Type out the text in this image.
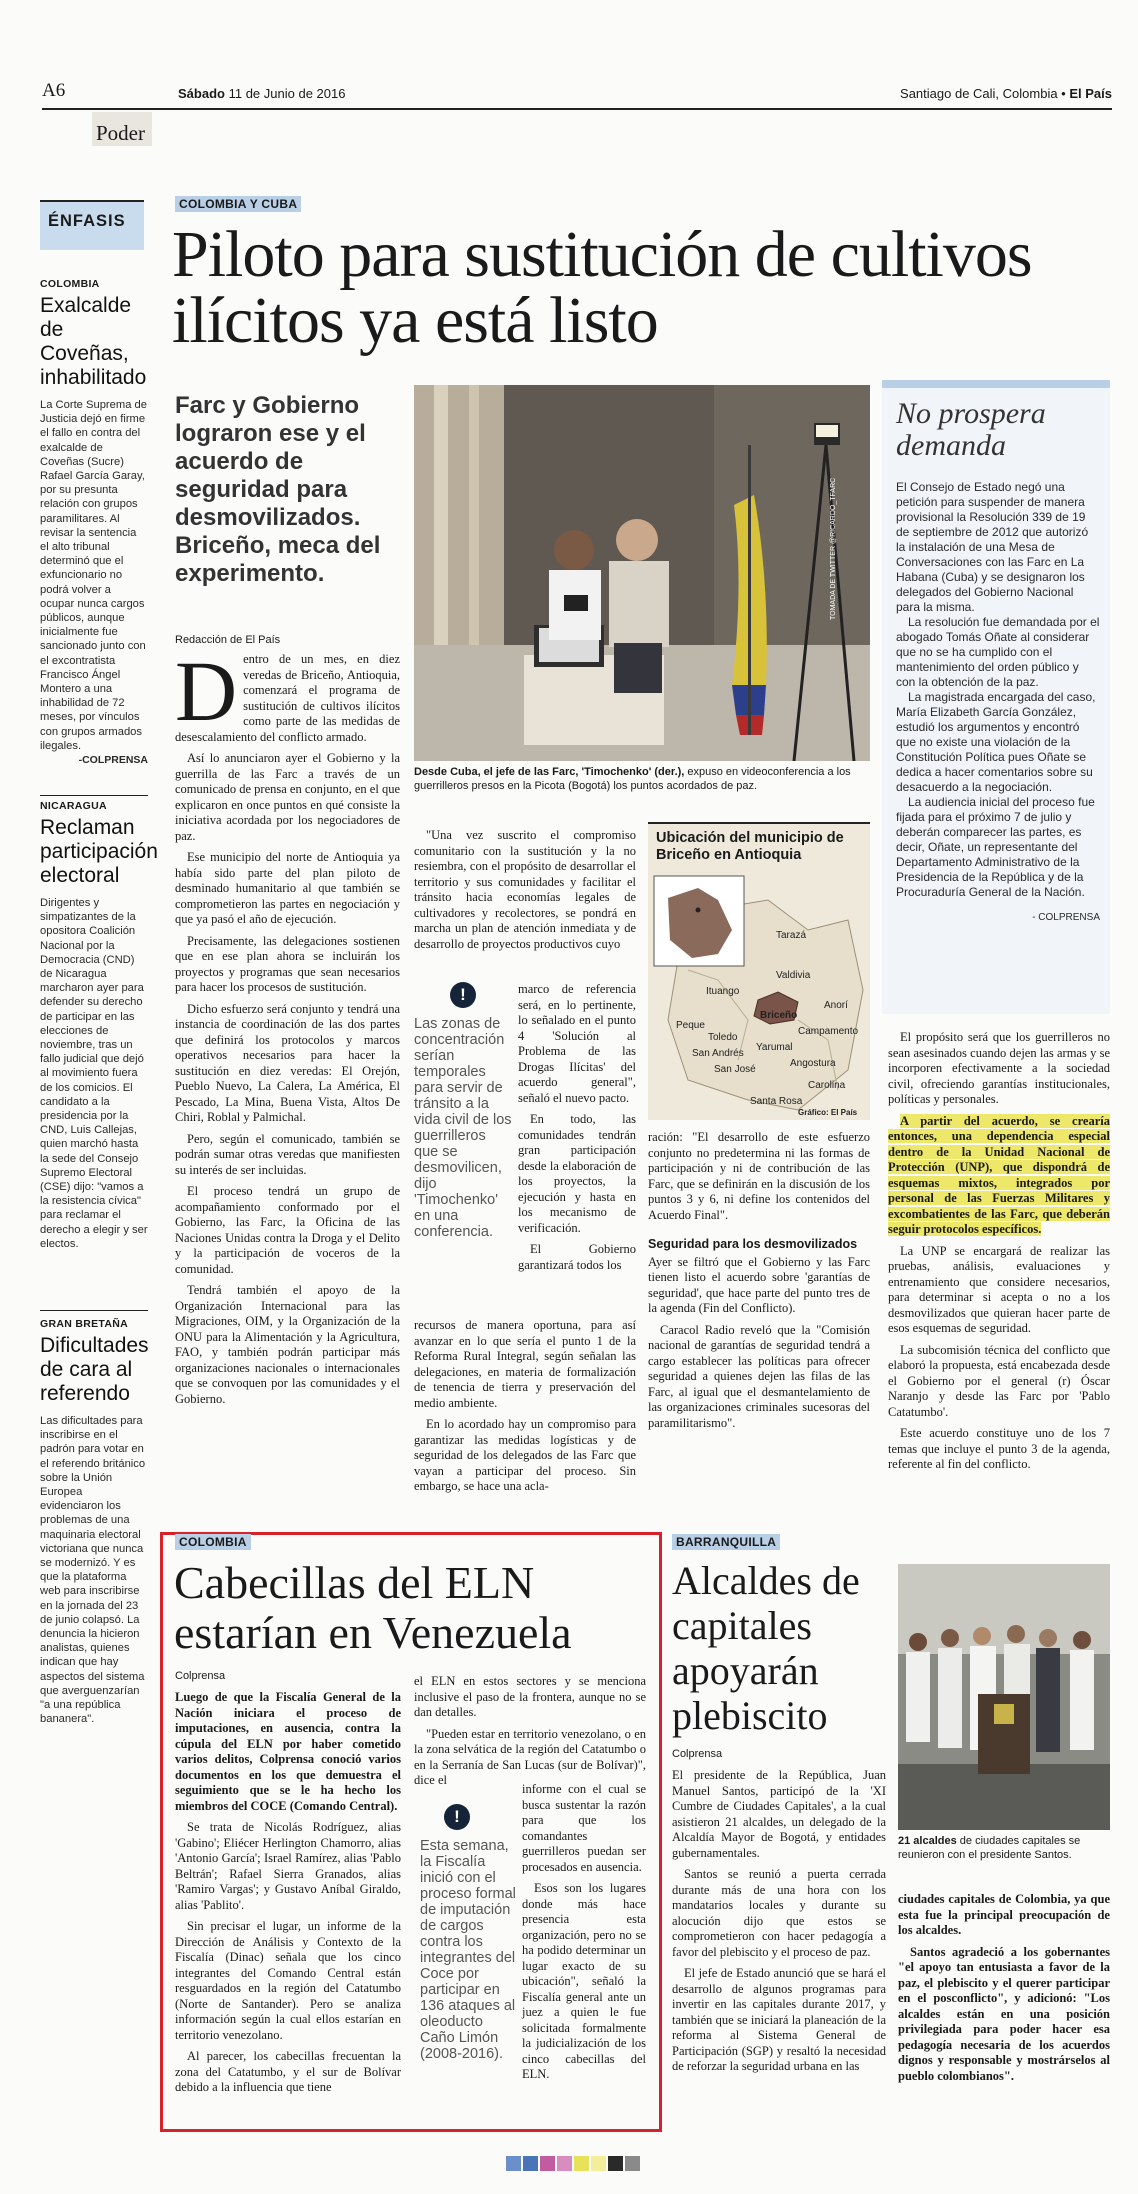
A6	Sábado 11 de Junio de 2016	Santiago de Cali, Colombia • El País
Poder
ÉNFASIS
COLOMBIA
Exalcalde de Coveñas, inhabilitado
La Corte Suprema de Justicia dejó en firme el fallo en contra del exalcalde de Coveñas (Sucre) Rafael García Garay, por su presunta relación con grupos paramilitares. Al revisar la sentencia el alto tribunal determinó que el exfuncionario no podrá volver a ocupar nunca cargos públicos, aunque inicialmente fue sancionado junto con el excontratista Francisco Ángel Montero a una inhabilidad de 72 meses, por vínculos con grupos armados ilegales.
-COLPRENSA
NICARAGUA
Reclaman participación electoral
Dirigentes y simpatizantes de la opositora Coalición Nacional por la Democracia (CND) de Nicaragua marcharon ayer para defender su derecho de participar en las elecciones de noviembre, tras un fallo judicial que dejó al movimiento fuera de los comicios. El candidato a la presidencia por la CND, Luis Callejas, quien marchó hasta la sede del Consejo Supremo Electoral (CSE) dijo: "vamos a la resistencia cívica" para reclamar el derecho a elegir y ser electos.
GRAN BRETAÑA
Dificultades de cara al referendo
Las dificultades para inscribirse en el padrón para votar en el referendo británico sobre la Unión Europea evidenciaron los problemas de una maquinaria electoral victoriana que nunca se modernizó. Y es que la plataforma web para inscribirse en la jornada del 23 de junio colapsó. La denuncia la hicieron analistas, quienes indican que hay aspectos del sistema que averguenzarían "a una república bananera".
COLOMBIA Y CUBA
Piloto para sustitución de cultivos ilícitos ya está listo
Farc y Gobierno lograron ese y el acuerdo de seguridad para desmovilizados. Briceño, meca del experimento.
Redacción de El País
TOMADA DE TWITTER @RICARDO_TFARC
Desde Cuba, el jefe de las Farc, 'Timochenko' (der.), expuso en videoconferencia a los guerrilleros presos en la Picota (Bogotá) los puntos acordados de paz.
D entro de un mes, en diez veredas de Briceño, Antioquia, comenzará el programa de sustitución de cultivos ilícitos como parte de las medidas de desescalamiento del conflicto armado.

Así lo anunciaron ayer el Gobierno y la guerrilla de las Farc a través de un comunicado de prensa en conjunto, en el que explicaron en once puntos en qué consiste la iniciativa acordada por los negociadores de paz.

Ese municipio del norte de Antioquia ya había sido parte del plan piloto de desminado humanitario al que también se comprometieron las partes en negociación y que ya pasó el año de ejecución.

Precisamente, las delegaciones sostienen que en ese plan ahora se incluirán los proyectos y programas que sean necesarios para hacer los procesos de sustitución.

Dicho esfuerzo será conjunto y tendrá una instancia de coordinación de las dos partes que definirá los protocolos y marcos operativos necesarios para hacer la sustitución en diez veredas: El Orejón, Pueblo Nuevo, La Calera, La América, El Pescado, La Mina, Buena Vista, Altos De Chiri, Roblal y Palmichal.

Pero, según el comunicado, también se podrán sumar otras veredas que manifiesten su interés de ser incluidas.

El proceso tendrá un grupo de acompañamiento conformado por el Gobierno, las Farc, la Oficina de las Naciones Unidas contra la Droga y el Delito y la participación de voceros de la comunidad.

Tendrá también el apoyo de la Organización Internacional para las Migraciones, OIM, y la Organización de la ONU para la Alimentación y la Agricultura, FAO, y también podrán participar más organizaciones nacionales o internacionales que se convoquen por las comunidades y el Gobierno.

"Una vez suscrito el compromiso comunitario con la sustitución y la no resiembra, con el propósito de desarrollar el territorio y sus comunidades y facilitar el tránsito hacia economías legales de cultivadores y recolectores, se pondrá en marcha un plan de atención inmediata y de desarrollo de proyectos productivos cuyo
!
Las zonas de concentración serían temporales para servir de tránsito a la vida civil de los guerrilleros que se desmovilicen, dijo 'Timochenko' en una conferencia.

marco de referencia será, en lo pertinente, lo señalado en el punto 4 'Solución al Problema de las Drogas Ilícitas' del acuerdo general", señaló el nuevo pacto.

En todo, las comunidades tendrán gran participación desde la elaboración de los proyectos, la ejecución y hasta en los mecanismo de verificación.

El Gobierno garantizará todos los

recursos de manera oportuna, para así avanzar en lo que sería el punto 1 de la Reforma Rural Integral, según señalan las delegaciones, en materia de formalización de tenencia de tierra y preservación del medio ambiente.

En lo acordado hay un compromiso para garantizar las medidas logísticas y de seguridad de los delegados de las Farc que vayan a participar del proceso. Sin embargo, se hace una acla-

Ubicación del municipio de Briceño en Antioquia
Tarazá
Valdivia
Ituango
Anorí
Briceño
Peque
Toledo
Campamento
Yarumal
San Andrés
Angostura
San José
Carolina
Santa Rosa
Gráfico: El País

ración: "El desarrollo de este esfuerzo conjunto no predetermina ni las formas de participación y ni de contribución de las Farc, que se definirán en la discusión de los puntos 3 y 6, ni define los contenidos del Acuerdo Final".

Seguridad para los desmovilizados

Ayer se filtró que el Gobierno y las Farc tienen listo el acuerdo sobre 'garantías de seguridad', que hace parte del punto tres de la agenda (Fin del Conflicto).

Caracol Radio reveló que la "Comisión nacional de garantías de seguridad tendrá a cargo establecer las políticas para ofrecer seguridad a quienes dejen las filas de las Farc, al igual que el desmantelamiento de las organizaciones criminales sucesoras del paramilitarismo".

No prospera demanda

El Consejo de Estado negó una petición para suspender de manera provisional la Resolución 339 de 19 de septiembre de 2012 que autorizó la instalación de una Mesa de Conversaciones con las Farc en La Habana (Cuba) y se designaron los delegados del Gobierno Nacional para la misma.

La resolución fue demandada por el abogado Tomás Oñate al considerar que no se ha cumplido con el mantenimiento del orden público y con la obtención de la paz.

La magistrada encargada del caso, María Elizabeth García González, estudió los argumentos y encontró que no existe una violación de la Constitución Política pues Oñate se dedica a hacer comentarios sobre su desacuerdo a la negociación.

La audiencia inicial del proceso fue fijada para el próximo 7 de julio y deberán comparecer las partes, es decir, Oñate, un representante del Departamento Administrativo de la Presidencia de la República y de la Procuraduría General de la Nación.

- COLPRENSA

El propósito será que los guerrilleros no sean asesinados cuando dejen las armas y se incorporen efectivamente a la sociedad civil, ofreciendo garantías institucionales, políticas y personales.

A partir del acuerdo, se crearía entonces, una dependencia especial dentro de la Unidad Nacional de Protección (UNP), que dispondrá de esquemas mixtos, integrados por personal de las Fuerzas Militares y excombatientes de las Farc, que deberán seguir protocolos específicos.

La UNP se encargará de realizar las pruebas, análisis, evaluaciones y entrenamiento que considere necesarios, para determinar si acepta o no a los desmovilizados que quieran hacer parte de esos esquemas de seguridad.

La subcomisión técnica del conflicto que elaboró la propuesta, está encabezada desde el Gobierno por el general (r) Óscar Naranjo y desde las Farc por 'Pablo Catatumbo'.

Este acuerdo constituye uno de los 7 temas que incluye el punto 3 de la agenda, referente al fin del conflicto.

COLOMBIA
Cabecillas del ELN estarían en Venezuela
Colprensa

Luego de que la Fiscalía General de la Nación iniciara el proceso de imputaciones, en ausencia, contra la cúpula del ELN por haber cometido varios delitos, Colprensa conoció varios documentos en los que demuestra el seguimiento que se le ha hecho los miembros del COCE (Comando Central).

Se trata de Nicolás Rodríguez, alias 'Gabino'; Eliécer Herlington Chamorro, alias 'Antonio García'; Israel Ramírez, alias 'Pablo Beltrán'; Rafael Sierra Granados, alias 'Ramiro Vargas'; y Gustavo Aníbal Giraldo, alias 'Pablito'.

Sin precisar el lugar, un informe de la Dirección de Análisis y Contexto de la Fiscalía (Dinac) señala que los cinco integrantes del Comando Central están resguardados en la región del Catatumbo (Norte de Santander). Pero se analiza información según la cual ellos estarían en territorio venezolano.

Al parecer, los cabecillas frecuentan la zona del Catatumbo, y el sur de Bolívar debido a la influencia que tiene

el ELN en estos sectores y se menciona inclusive el paso de la frontera, aunque no se dan detalles.

"Pueden estar en territorio venezolano, o en la zona selvática de la región del Catatumbo o en la Serranía de San Lucas (sur de Bolívar)", dice el

!
Esta semana, la Fiscalía inició con el proceso formal de imputación de cargos contra los integrantes del Coce por participar en 136 ataques al oleoducto Caño Limón (2008-2016).

informe con el cual se busca sustentar la razón para que los comandantes guerrilleros puedan ser procesados en ausencia.

Esos son los lugares donde más hace presencia esta organización, pero no se ha podido determinar un lugar exacto de su ubicación", señaló la Fiscalía general ante un juez a quien le fue solicitada formalmente la judicialización de los cinco cabecillas del ELN.

BARRANQUILLA
Alcaldes de capitales apoyarán plebiscito
Colprensa

El presidente de la República, Juan Manuel Santos, participó de la 'XI Cumbre de Ciudades Capitales', a la cual asistieron 21 alcaldes, un delegado de la Alcaldía Mayor de Bogotá, y entidades gubernamentales.

Santos se reunió a puerta cerrada durante más de una hora con los mandatarios locales y durante su alocución dijo que estos se comprometieron con hacer pedagogía a favor del plebiscito y el proceso de paz.

El jefe de Estado anunció que se hará el desarrollo de algunos programas para invertir en las capitales durante 2017, y también que se iniciará la planeación de la reforma al Sistema General de Participación (SGP) y resaltó la necesidad de reforzar la seguridad urbana en las

21 alcaldes de ciudades capitales se reunieron con el presidente Santos.

ciudades capitales de Colombia, ya que esta fue la principal preocupación de los alcaldes.

Santos agradeció a los gobernantes "el apoyo tan entusiasta a favor de la paz, el plebiscito y el querer participar en el posconflicto", y adicionó: "Los alcaldes están en una posición privilegiada para poder hacer esa pedagogía necesaria de los acuerdos dignos y responsable y mostrárselos al pueblo colombianos".
